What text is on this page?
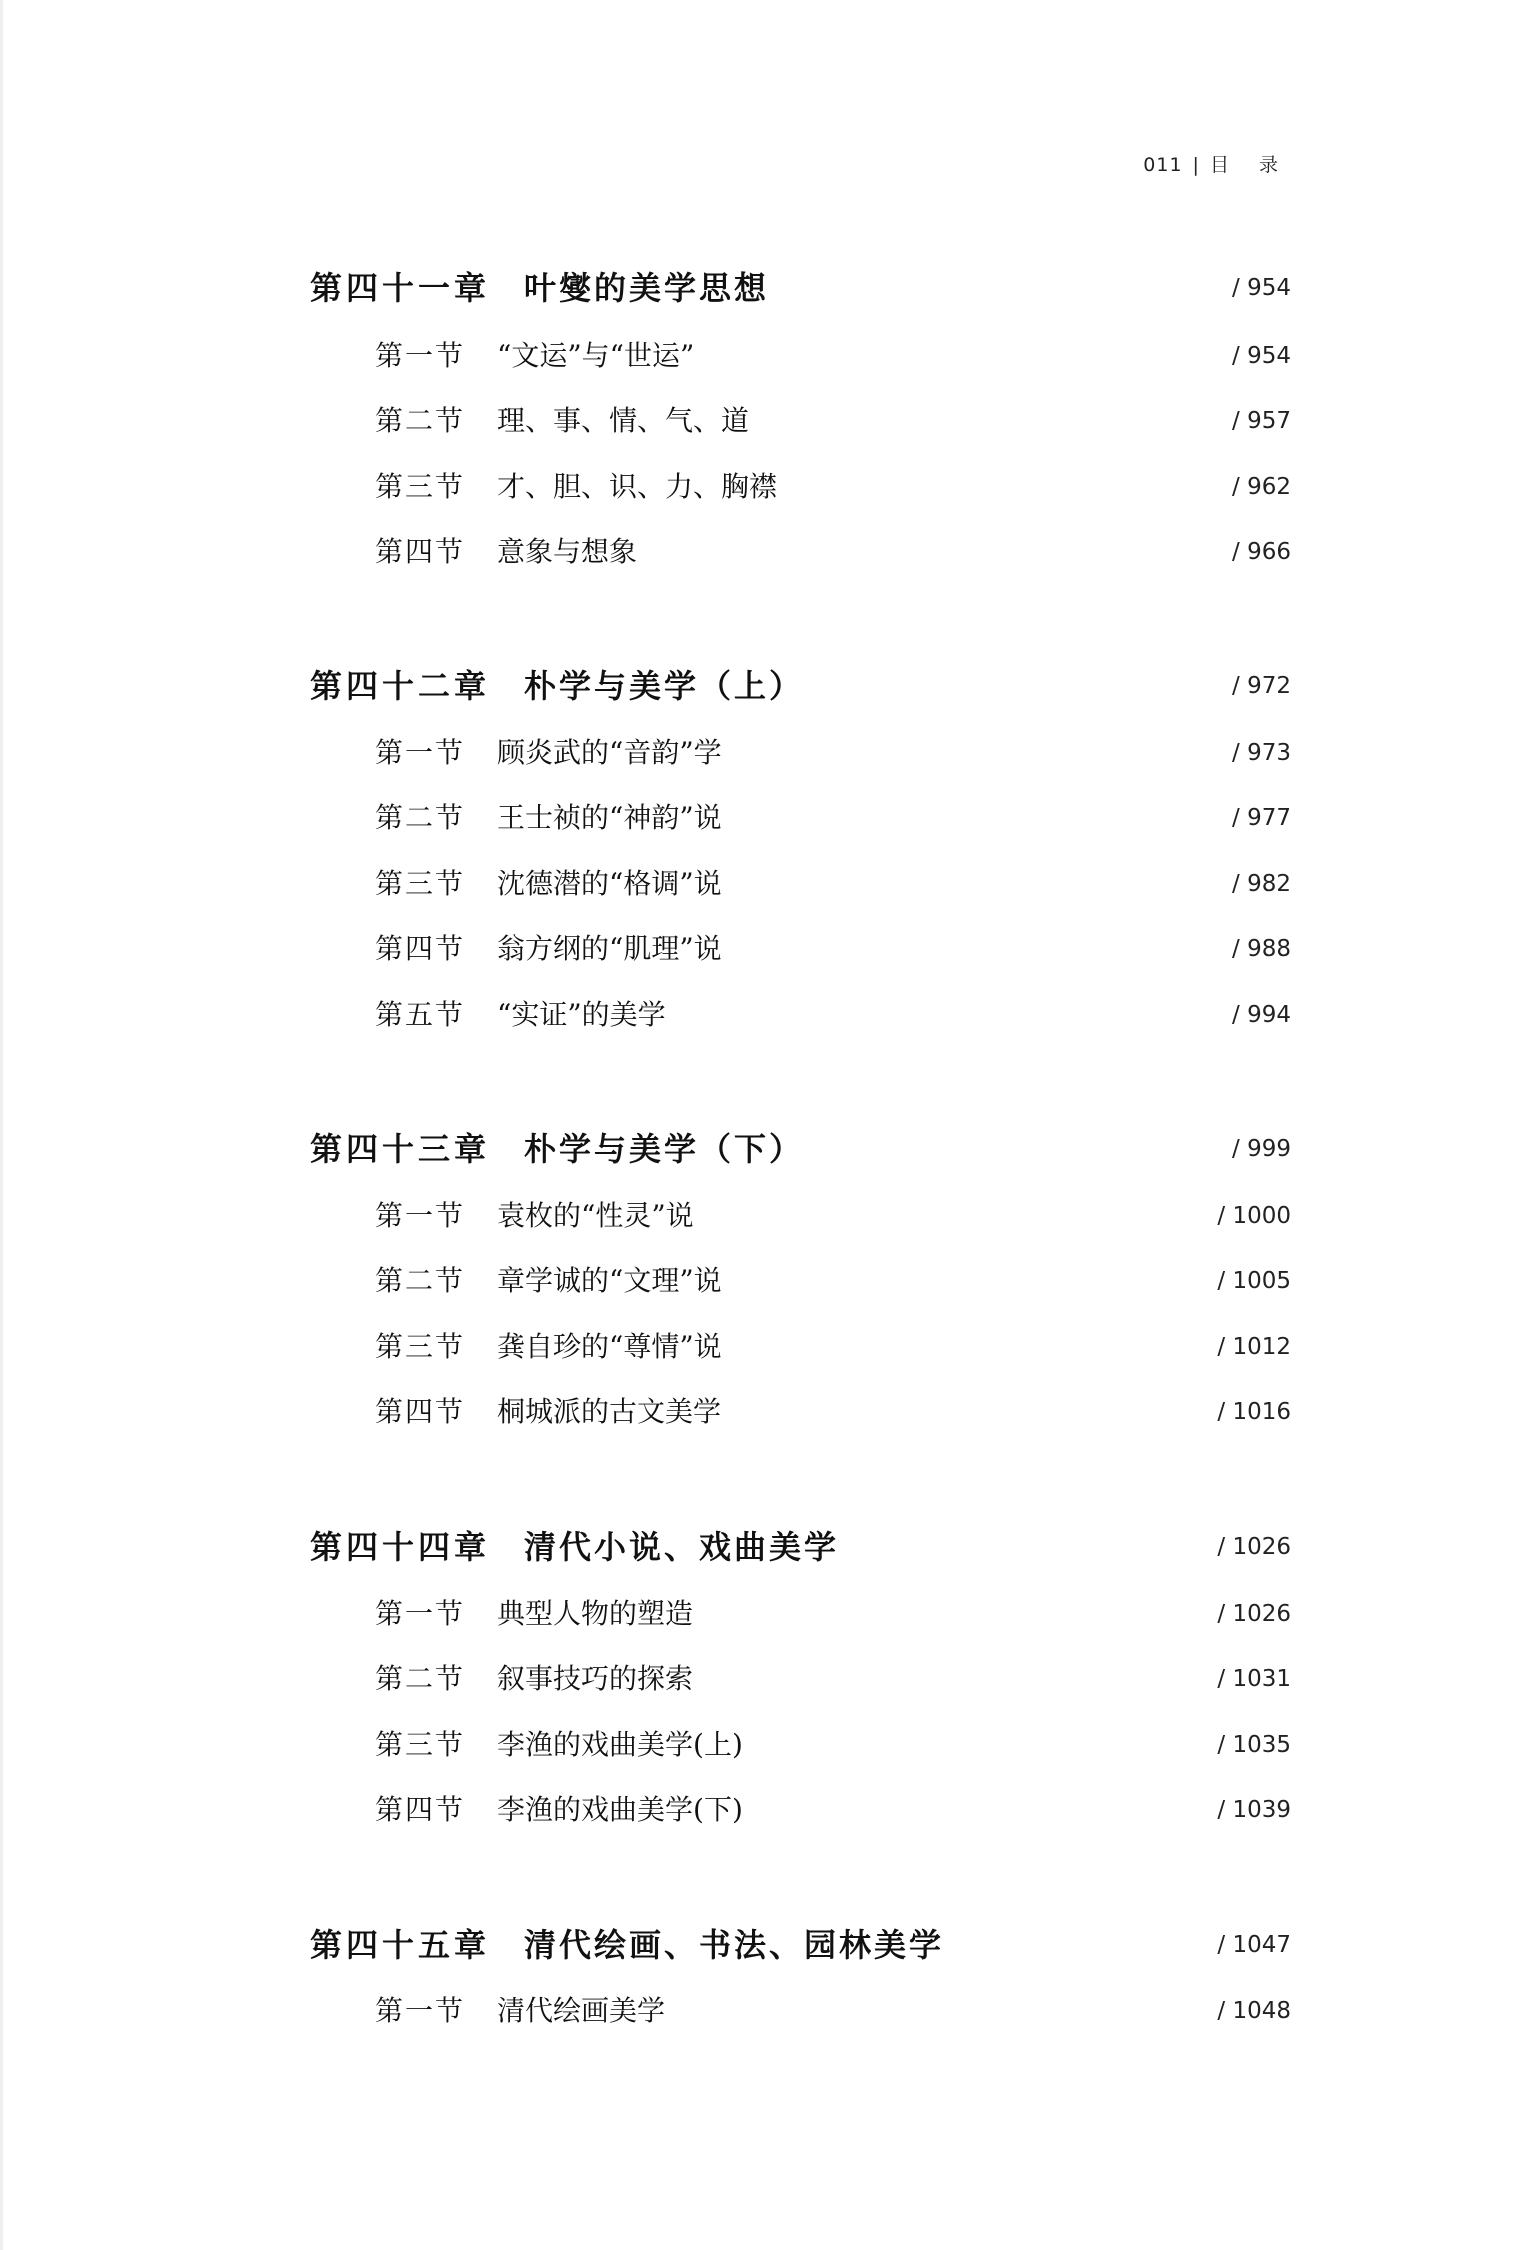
011 | 目 录
第四十一章 叶燮的美学思想	/ 954
第一节 “文运”与“世运”	/ 954
第二节 理、事、情、气、道	/ 957
第三节 才、胆、识、力、胸襟	/ 962
第四节 意象与想象	/ 966
第四十二章 朴学与美学（上）	/ 972
第一节 顾炎武的“音韵”学	/ 973
第二节 王士祯的“神韵”说	/ 977
第三节 沈德潜的“格调”说	/ 982
第四节 翁方纲的“肌理”说	/ 988
第五节 “实证”的美学	/ 994
第四十三章 朴学与美学（下）	/ 999
第一节 袁枚的“性灵”说	/ 1000
第二节 章学诚的“文理”说	/ 1005
第三节 龚自珍的“尊情”说	/ 1012
第四节 桐城派的古文美学	/ 1016
第四十四章 清代小说、戏曲美学	/ 1026
第一节 典型人物的塑造	/ 1026
第二节 叙事技巧的探索	/ 1031
第三节 李渔的戏曲美学(上)	/ 1035
第四节 李渔的戏曲美学(下)	/ 1039
第四十五章 清代绘画、书法、园林美学	/ 1047
第一节 清代绘画美学	/ 1048
